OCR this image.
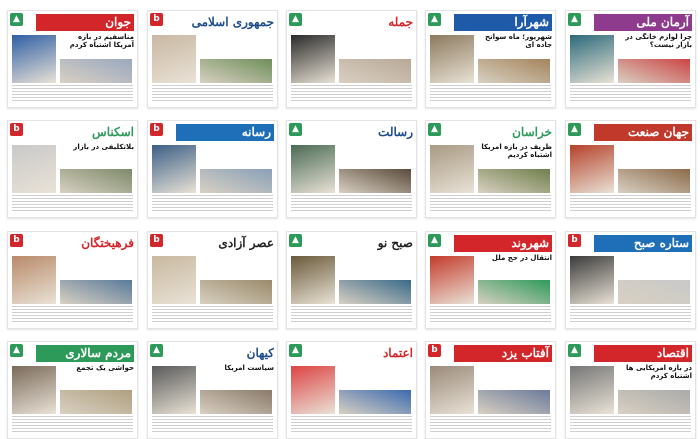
▲	جوان
مناسفیم در بازه آمریکا اشتباه کردم
b	جمهوری اسلامی	▲	جمله	▲	شهرآرا
شهریور؛ ماه سوانح جاده ای
▲	آرمان ملی
چرا لوازم خانگی در بازار نیست؟
b	اسکناس
بلاتکلیفی در بازار
b	رسانه	▲	رسالت	▲	خراسان
ظریف در بازه آمریکا اشتباه کردیم
▲	جهان صنعت
b	فرهیختگان	b	عصر آزادی	▲	صبح نو	▲	شهروند
انتقال در حج ملل
b	ستاره صبح
▲	مردم سالاری
حواشی یک تجمع
▲	کیهان
سیاست آمریکا
▲	اعتماد	b	آفتاب یزد	▲	اقتصاد
در بازه آمریکایی ها اشتباه کردم
